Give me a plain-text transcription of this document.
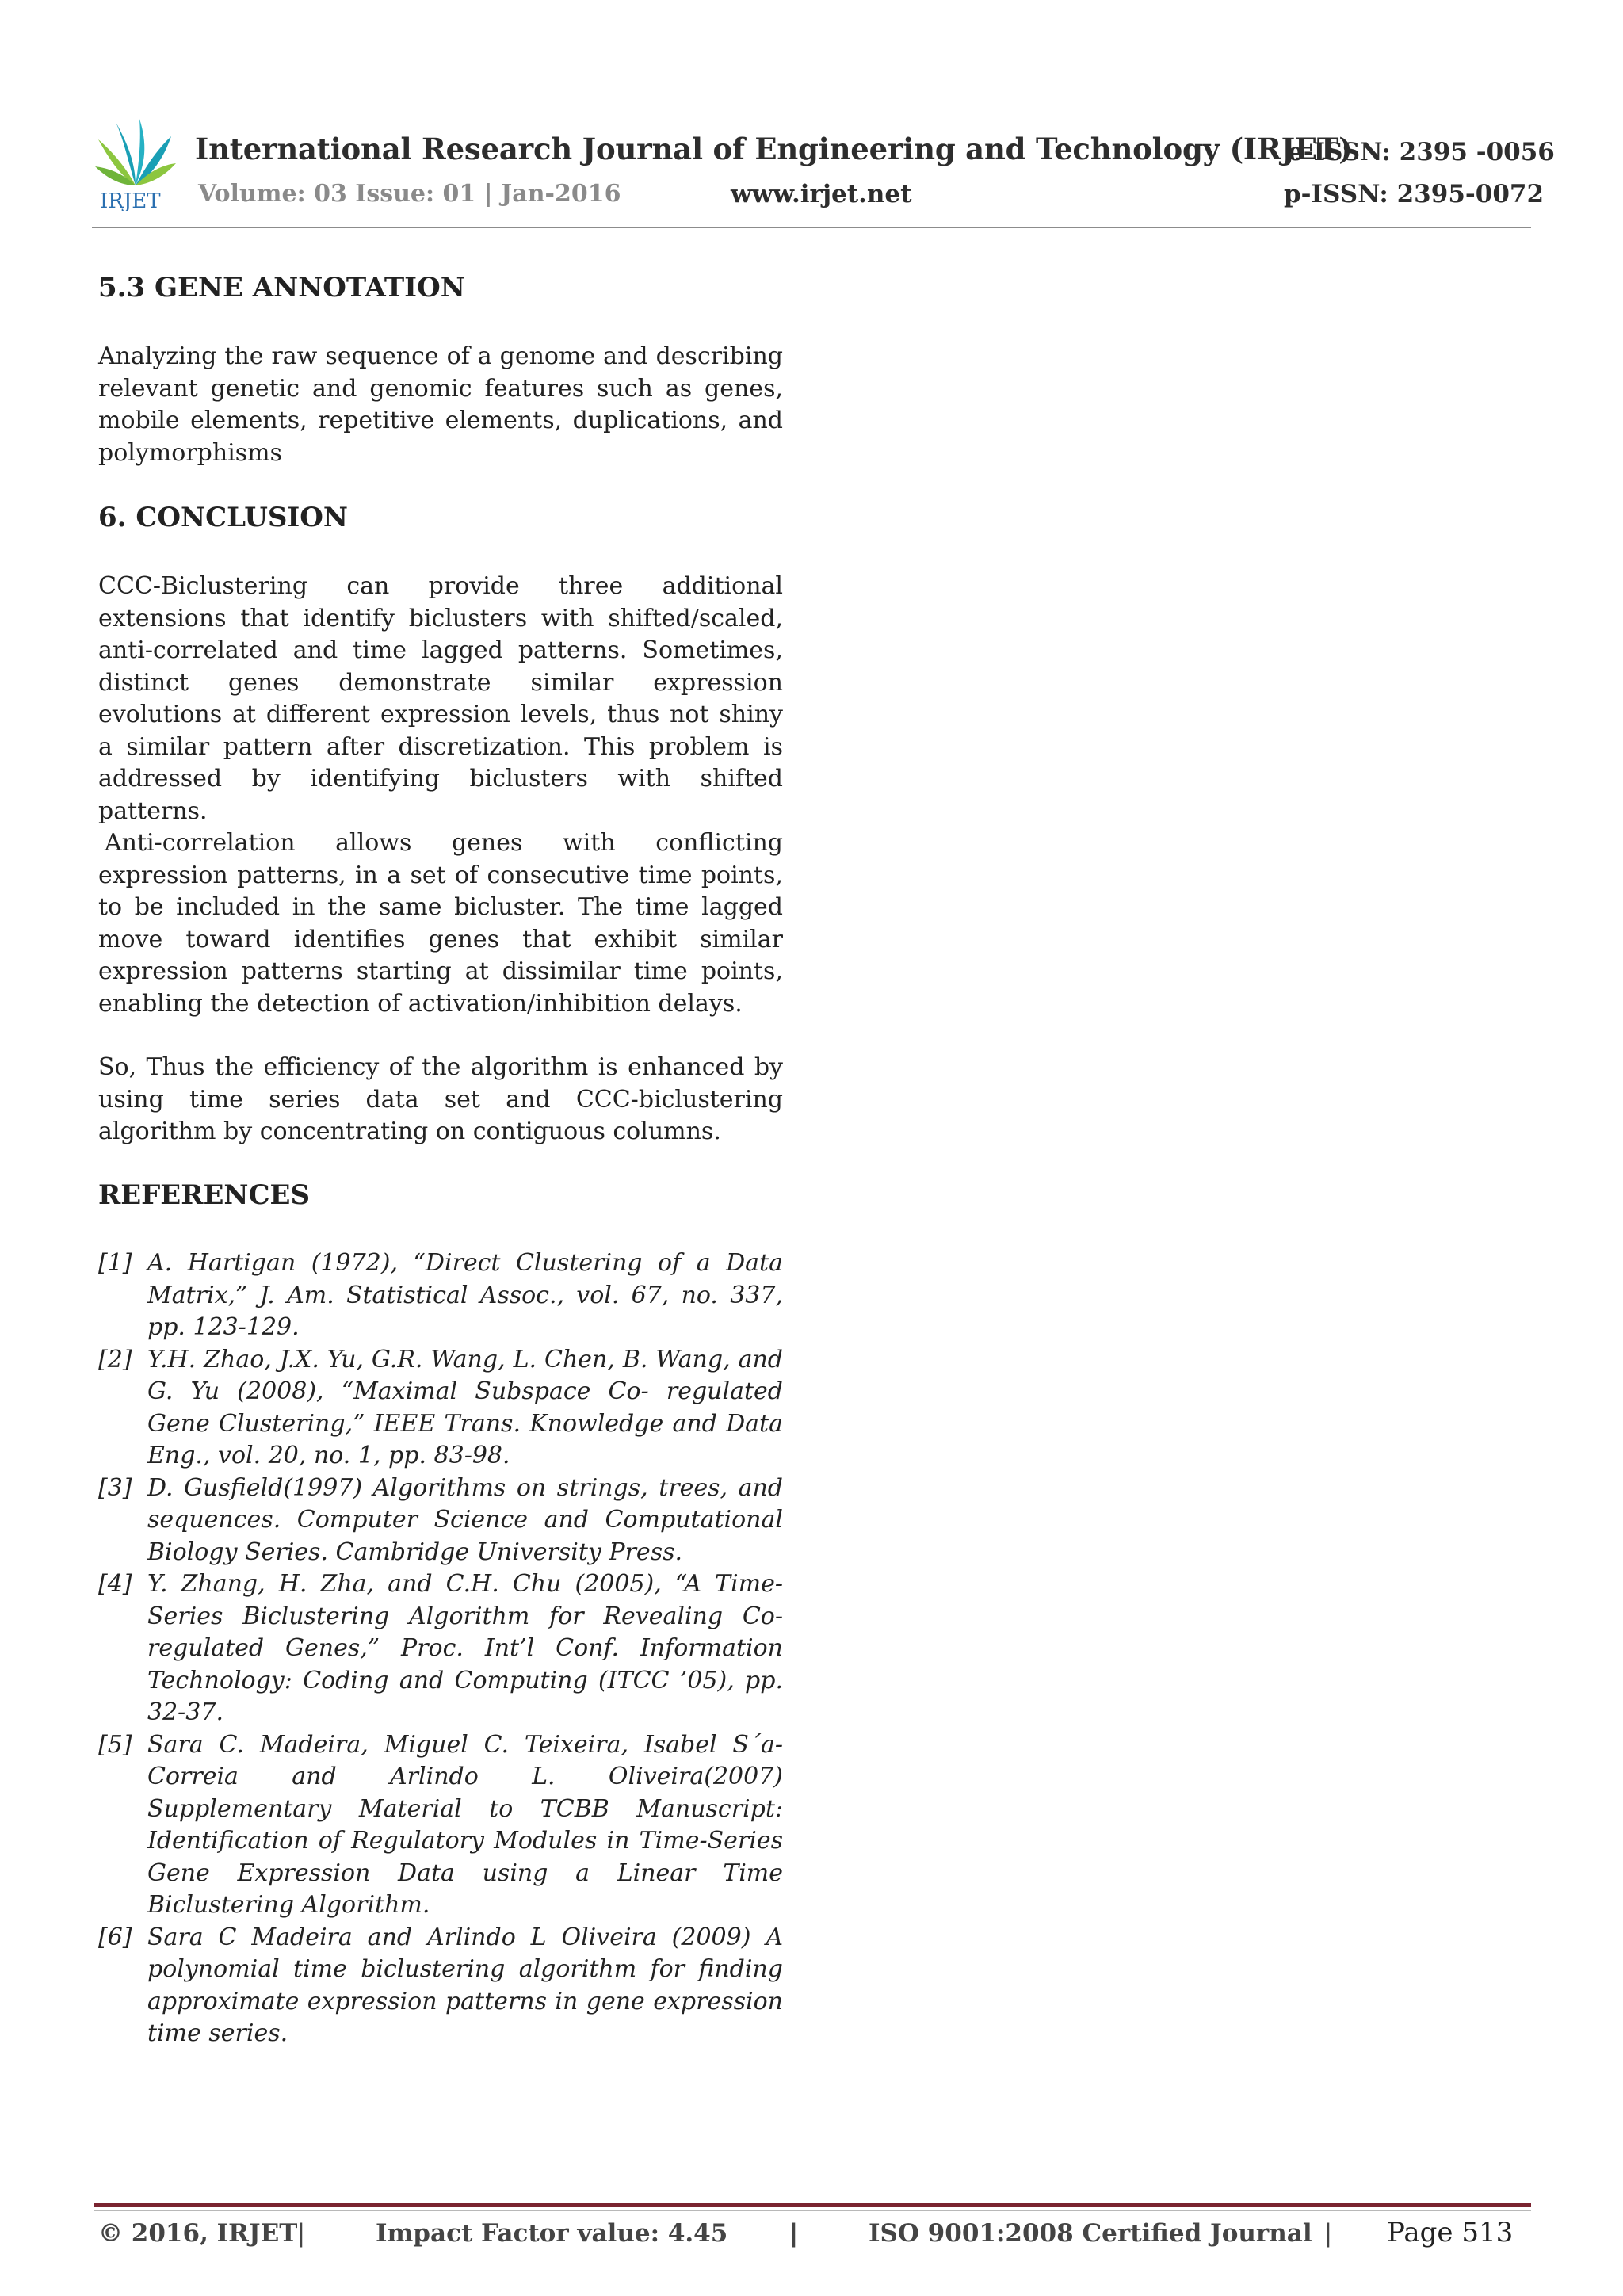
IRJET
International Research Journal of Engineering and Technology (IRJET)
e-ISSN: 2395 -0056
Volume: 03 Issue: 01 | Jan-2016	www.irjet.net	p-ISSN: 2395-0072
5.3 GENE ANNOTATION

Analyzing the raw sequence of a genome and describing relevant genetic and genomic features such as genes, mobile elements, repetitive elements, duplications, and polymorphisms

6. CONCLUSION

CCC-Biclustering can provide three additional extensions that identify biclusters with shifted/scaled, anti-correlated and time lagged patterns. Sometimes, distinct genes demonstrate similar expression evolutions at different expression levels, thus not shiny a similar pattern after discretization. This problem is addressed by identifying biclusters with shifted patterns.

Anti-correlation allows genes with conflicting expression patterns, in a set of consecutive time points, to be included in the same bicluster. The time lagged move toward identifies genes that exhibit similar expression patterns starting at dissimilar time points, enabling the detection of activation/inhibition delays.

So, Thus the efficiency of the algorithm is enhanced by using time series data set and CCC-biclustering algorithm by concentrating on contiguous columns.

REFERENCES
[1] A. Hartigan (1972), “Direct Clustering of a Data Matrix,” J. Am. Statistical Assoc., vol. 67, no. 337, pp. 123-129.
[2] Y.H. Zhao, J.X. Yu, G.R. Wang, L. Chen, B. Wang, and G. Yu (2008), “Maximal Subspace Co- regulated Gene Clustering,” IEEE Trans. Knowledge and Data Eng., vol. 20, no. 1, pp. 83-98.
[3] D. Gusfield(1997) Algorithms on strings, trees, and sequences. Computer Science and Computational Biology Series. Cambridge University Press.
[4] Y. Zhang, H. Zha, and C.H. Chu (2005), “A Time-Series Biclustering Algorithm for Revealing Co-regulated Genes,” Proc. Int’l Conf. Information Technology: Coding and Computing (ITCC ’05), pp. 32-37.
[5] Sara C. Madeira, Miguel C. Teixeira, Isabel S´a-Correia and Arlindo L. Oliveira(2007) Supplementary Material to TCBB Manuscript: Identification of Regulatory Modules in Time-Series Gene Expression Data using a Linear Time Biclustering Algorithm.
[6] Sara C Madeira and Arlindo L Oliveira (2009) A polynomial time biclustering algorithm for finding approximate expression patterns in gene expression time series.
© 2016, IRJET
|	Impact Factor value: 4.45	|	ISO 9001:2008 Certified Journal | Page 513
